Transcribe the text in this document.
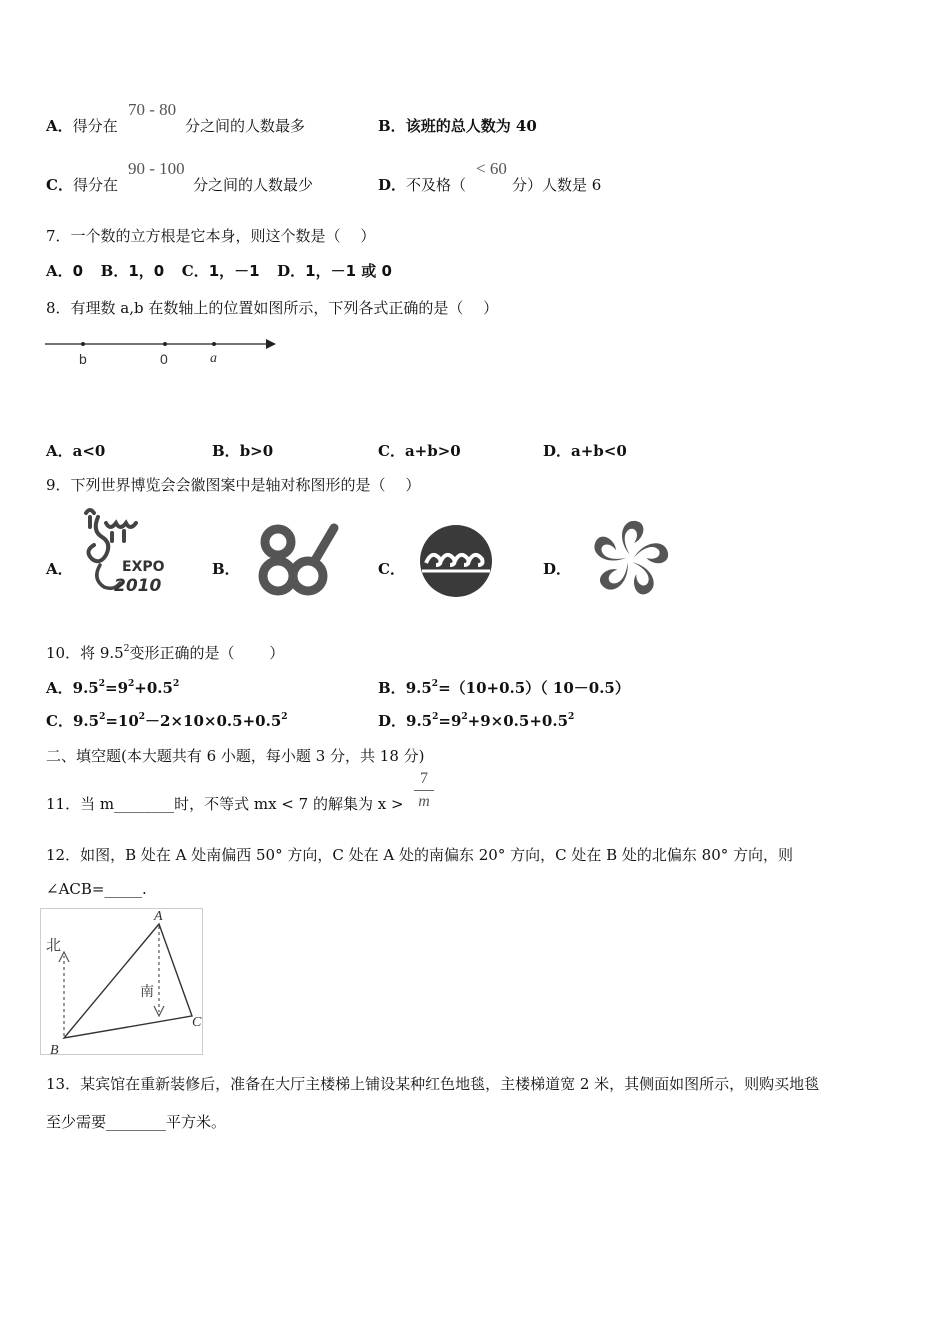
A．得分在
70 - 80
分之间的人数最多	B．该班的总人数为 40
C．得分在
90 - 100
分之间的人数最少	D．不及格（
< 60
分）人数是 6
7．一个数的立方根是它本身，则这个数是（　 ）
A．0 B．1，0 C．1，－1 D．1，－1 或 0
8．有理数 a,b 在数轴上的位置如图所示，下列各式正确的是（　 ）
b	0	a
A．a<0	B．b>0	C．a+b>0	D．a+b<0
9．下列世界博览会会徽图案中是轴对称图形的是（　 ）
A．	B．	C．	D．
EXPO
2010
10．将 $9.5^2$变形正确的是（　　 ）
A．$9.5^2=9^2+0.5^2$	B．$9.5^2=(10+0.5)$（ 10－0.5）
C．$9.5^2=10^2-2\times 10\times 0.5+0.5^2$	D．$9.5^2=9^2+9\times 0.5+0.5^2$
二、填空题(本大题共有 6 小题，每小题 3 分，共 18 分)
11．当 m________时，不等式 mx < 7 的解集为 x >
7
m
12．如图，B 处在 A 处南偏西 50° 方向，C 处在 A 处的南偏东 20° 方向，C 处在 B 处的北偏东 80° 方向，则
∠ACB=_____.
北
南
A
B
C
13．某宾馆在重新装修后，准备在大厅主楼梯上铺设某种红色地毯，主楼梯道宽 2 米，其侧面如图所示，则购买地毯
至少需要________平方米。
